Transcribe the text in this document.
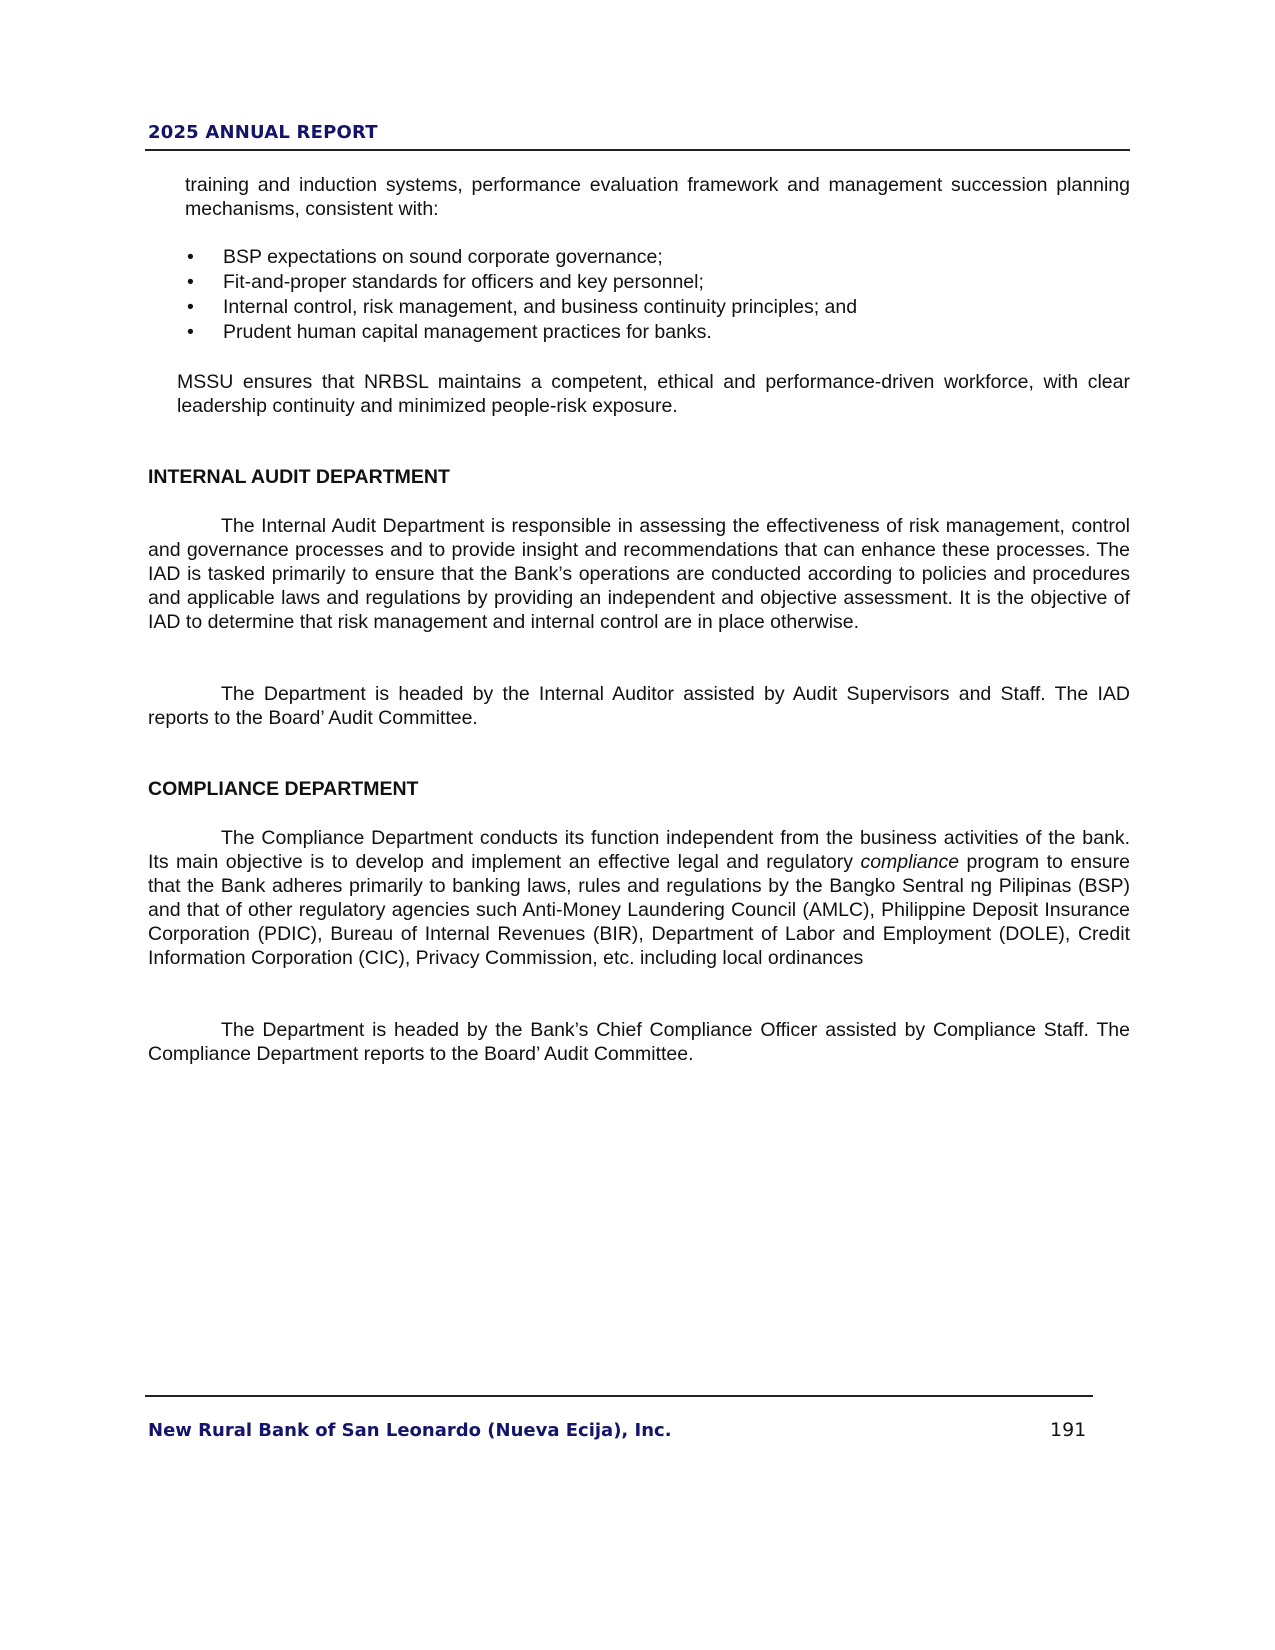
2025 ANNUAL REPORT

training and induction systems, performance evaluation framework and management succession planning mechanisms, consistent with:

• BSP expectations on sound corporate governance;
• Fit-and-proper standards for officers and key personnel;
• Internal control, risk management, and business continuity principles; and
• Prudent human capital management practices for banks.

MSSU ensures that NRBSL maintains a competent, ethical and performance-driven workforce, with clear leadership continuity and minimized people-risk exposure.

INTERNAL AUDIT DEPARTMENT

The Internal Audit Department is responsible in assessing the effectiveness of risk management, control and governance processes and to provide insight and recommendations that can enhance these processes. The IAD is tasked primarily to ensure that the Bank’s operations are conducted according to policies and procedures and applicable laws and regulations by providing an independent and objective assessment. It is the objective of IAD to determine that risk management and internal control are in place otherwise.

The Department is headed by the Internal Auditor assisted by Audit Supervisors and Staff. The IAD reports to the Board’ Audit Committee.

COMPLIANCE DEPARTMENT

The Compliance Department conducts its function independent from the business activities of the bank. Its main objective is to develop and implement an effective legal and regulatory compliance program to ensure that the Bank adheres primarily to banking laws, rules and regulations by the Bangko Sentral ng Pilipinas (BSP) and that of other regulatory agencies such Anti-Money Laundering Council (AMLC), Philippine Deposit Insurance Corporation (PDIC), Bureau of Internal Revenues (BIR), Department of Labor and Employment (DOLE), Credit Information Corporation (CIC), Privacy Commission, etc. including local ordinances

The Department is headed by the Bank’s Chief Compliance Officer assisted by Compliance Staff. The Compliance Department reports to the Board’ Audit Committee.

New Rural Bank of San Leonardo (Nueva Ecija), Inc.	191
